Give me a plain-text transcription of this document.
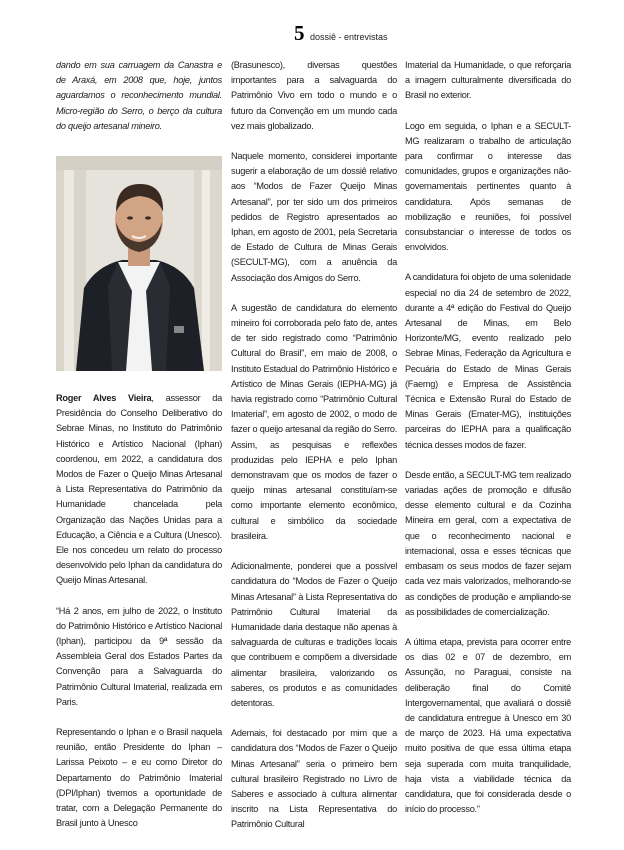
5 dossiê - entrevistas

dando em sua carruagem da Canastra e de Araxá, em 2008 que, hoje, juntos aguardamos o reconhecimento mundial. Micro-região do Serro, o berço da cultura do queijo artesanal mineiro.

Roger Alves Vieira, assessor da Presidência do Conselho Deliberativo do Sebrae Minas, no Instituto do Patrimônio Histórico e Artístico Nacional (Iphan) coordenou, em 2022, a candidatura dos Modos de Fazer o Queijo Minas Artesanal à Lista Representativa do Patrimônio da Humanidade chancelada pela Organização das Nações Unidas para a Educação, a Ciência e a Cultura (Unesco). Ele nos concedeu um relato do processo desenvolvido pelo Iphan da candidatura do Queijo Minas Artesanal.

“Há 2 anos, em julho de 2022, o Instituto do Patrimônio Histórico e Artístico Nacional (Iphan), participou da 9ª sessão da Assembleia Geral dos Estados Partes da Convenção para a Salvaguarda do Patrimônio Cultural Imaterial, realizada em Paris.

Representando o Iphan e o Brasil naquela reunião, então Presidente do Iphan – Larissa Peixoto – e eu como Diretor do Departamento do Patrimônio Imaterial (DPI/Iphan) tivemos a oportunidade de tratar, com a Delegação Permanente do Brasil junto à Unesco

(Brasunesco), diversas questões importantes para a salvaguarda do Patrimônio Vivo em todo o mundo e o futuro da Convenção em um mundo cada vez mais globalizado.

Naquele momento, considerei importante sugerir a elaboração de um dossiê relativo aos “Modos de Fazer Queijo Minas Artesanal”, por ter sido um dos primeiros pedidos de Registro apresentados ao Iphan, em agosto de 2001, pela Secretaria de Estado de Cultura de Minas Gerais (SECULT-MG), com a anuência da Associação dos Amigos do Serro.

A sugestão de candidatura do elemento mineiro foi corroborada pelo fato de, antes de ter sido registrado como “Patrimônio Cultural do Brasil”, em maio de 2008, o Instituto Estadual do Patrimônio Histórico e Artístico de Minas Gerais (IEPHA-MG) já havia registrado como “Patrimônio Cultural Imaterial”, em agosto de 2002, o modo de fazer o queijo artesanal da região do Serro. Assim, as pesquisas e reflexões produzidas pelo IEPHA e pelo Iphan demonstravam que os modos de fazer o queijo minas artesanal constituíam-se como importante elemento econômico, cultural e simbólico da sociedade brasileira.

Adicionalmente, ponderei que a possível candidatura do “Modos de Fazer o Queijo Minas Artesanal” à Lista Representativa do Patrimônio Cultural Imaterial da Humanidade daria destaque não apenas à salvaguarda de culturas e tradições locais que contribuem e compõem a diversidade alimentar brasileira, valorizando os saberes, os produtos e as comunidades detentoras.

Ademais, foi destacado por mim que a candidatura dos “Modos de Fazer o Queijo Minas Artesanal” seria o primeiro bem cultural brasileiro Registrado no Livro de Saberes e associado à cultura alimentar inscrito na Lista Representativa do Patrimônio Cultural

Imaterial da Humanidade, o que reforçaria a imagem culturalmente diversificada do Brasil no exterior.

Logo em seguida, o Iphan e a SECULT-MG realizaram o trabalho de articulação para confirmar o interesse das comunidades, grupos e organizações não-governamentais pertinentes quanto à candidatura. Após semanas de mobilização e reuniões, foi possível consubstanciar o interesse de todos os envolvidos.

A candidatura foi objeto de uma solenidade especial no dia 24 de setembro de 2022, durante a 4ª edição do Festival do Queijo Artesanal de Minas, em Belo Horizonte/MG, evento realizado pelo Sebrae Minas, Federação da Agricultura e Pecuária do Estado de Minas Gerais (Faemg) e Empresa de Assistência Técnica e Extensão Rural do Estado de Minas Gerais (Emater-MG), instituições parceiras do IEPHA para a qualificação técnica desses modos de fazer.

Desde então, a SECULT-MG tem realizado variadas ações de promoção e difusão desse elemento cultural e da Cozinha Mineira em geral, com a expectativa de que o reconhecimento nacional e internacional, ossa e esses técnicas que embasam os seus modos de fazer sejam cada vez mais valorizados, melhorando-se as condições de produção e ampliando-se as possibilidades de comercialização.

A última etapa, prevista para ocorrer entre os dias 02 e 07 de dezembro, em Assunção, no Paraguai, consiste na deliberação final do Comitê Intergovernamental, que avaliará o dossiê de candidatura entregue à Unesco em 30 de março de 2023. Há uma expectativa muito positiva de que essa última etapa seja superada com muita tranquilidade, haja vista a viabilidade técnica da candidatura, que foi considerada desde o início do processo.”
